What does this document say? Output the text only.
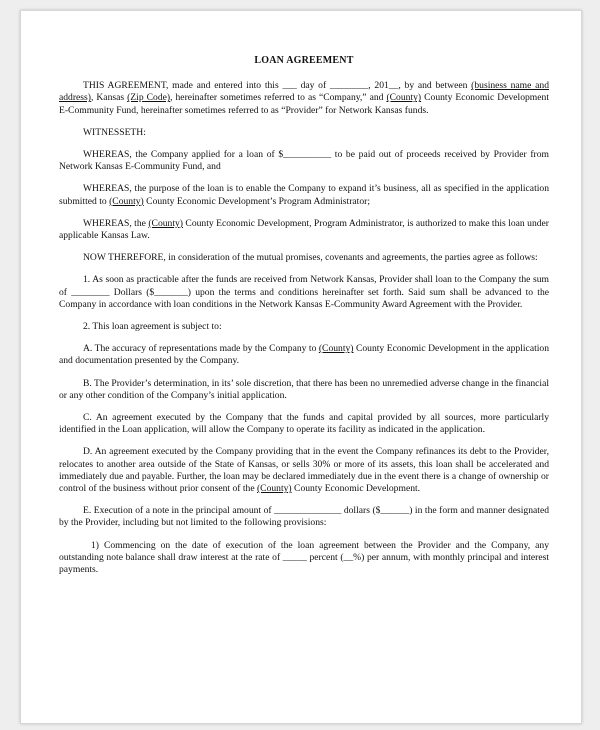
LOAN AGREEMENT

THIS AGREEMENT, made and entered into this ___ day of ________, 201__, by and between (business name and address), Kansas (Zip Code), hereinafter sometimes referred to as “Company,” and (County) County Economic Development E-Community Fund, hereinafter sometimes referred to as “Provider” for Network Kansas funds.

WITNESSETH:

WHEREAS, the Company applied for a loan of $__________ to be paid out of proceeds received by Provider from Network Kansas E-Community Fund, and

WHEREAS, the purpose of the loan is to enable the Company to expand it’s business, all as specified in the application submitted to (County) County Economic Development’s Program Administrator;

WHEREAS, the (County) County Economic Development, Program Administrator, is authorized to make this loan under applicable Kansas Law.

NOW THEREFORE, in consideration of the mutual promises, covenants and agreements, the parties agree as follows:

1. As soon as practicable after the funds are received from Network Kansas, Provider shall loan to the Company the sum of ________ Dollars ($_______) upon the terms and conditions hereinafter set forth. Said sum shall be advanced to the Company in accordance with loan conditions in the Network Kansas E-Community Award Agreement with the Provider.

2. This loan agreement is subject to:

A. The accuracy of representations made by the Company to (County) County Economic Development in the application and documentation presented by the Company.

B. The Provider’s determination, in its’ sole discretion, that there has been no unremedied adverse change in the financial or any other condition of the Company’s initial application.

C. An agreement executed by the Company that the funds and capital provided by all sources, more particularly identified in the Loan application, will allow the Company to operate its facility as indicated in the application.

D. An agreement executed by the Company providing that in the event the Company refinances its debt to the Provider, relocates to another area outside of the State of Kansas, or sells 30% or more of its assets, this loan shall be accelerated and immediately due and payable. Further, the loan may be declared immediately due in the event there is a change of ownership or control of the business without prior consent of the (County) County Economic Development.

E. Execution of a note in the principal amount of ______________ dollars ($______) in the form and manner designated by the Provider, including but not limited to the following provisions:

1) Commencing on the date of execution of the loan agreement between the Provider and the Company, any outstanding note balance shall draw interest at the rate of _____ percent (__%) per annum, with monthly principal and interest payments.
